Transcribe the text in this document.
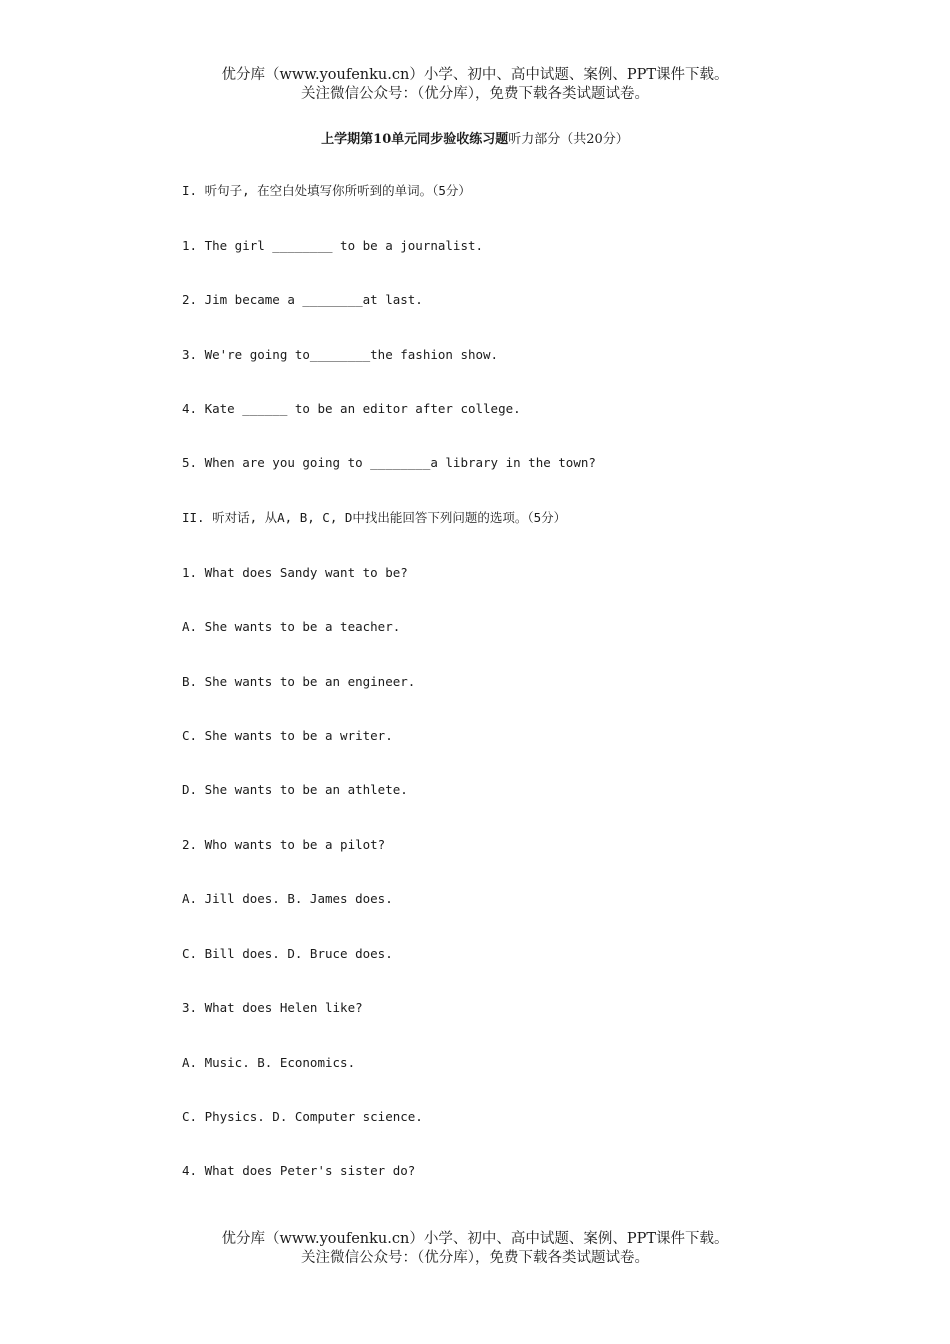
优分库（www.youfenku.cn）小学、初中、高中试题、案例、PPT课件下载。
关注微信公众号：（优分库），免费下载各类试题试卷。
上学期第10单元同步验收练习题听力部分（共20分）
I. 听句子, 在空白处填写你所听到的单词。（5分）
1. The girl ________ to be a journalist.
2. Jim became a ________at last.
3. We're going to________the fashion show.
4. Kate ______ to be an editor after college.
5. When are you going to ________a library in the town?
II. 听对话, 从A, B, C, D中找出能回答下列问题的选项。（5分）
1. What does Sandy want to be?
A. She wants to be a teacher.
B. She wants to be an engineer.
C. She wants to be a writer.
D. She wants to be an athlete.
2. Who wants to be a pilot?
A. Jill does. B. James does.
C. Bill does. D. Bruce does.
3. What does Helen like?
A. Music. B. Economics.
C. Physics. D. Computer science.
4. What does Peter's sister do?
优分库（www.youfenku.cn）小学、初中、高中试题、案例、PPT课件下载。
关注微信公众号：（优分库），免费下载各类试题试卷。
